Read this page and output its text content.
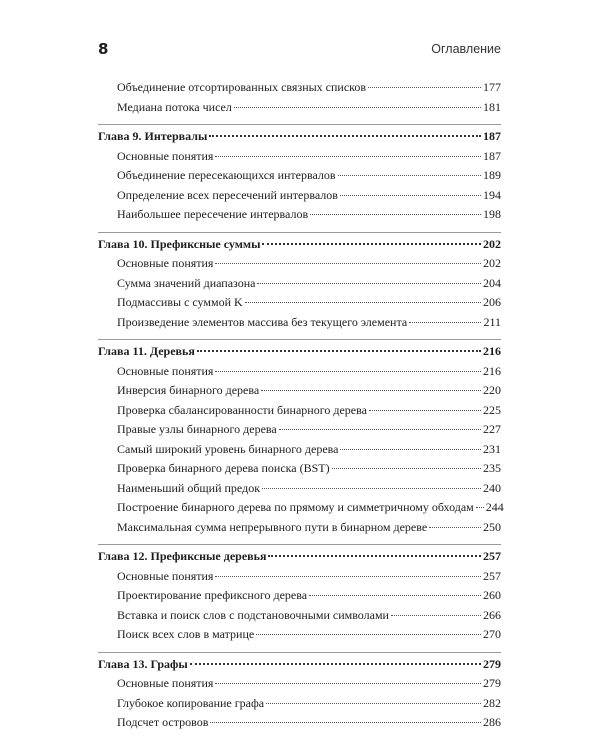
8	Оглавление
Объединение отсортированных связных списков	177
Медиана потока чисел	181
Глава 9. Интервалы	187
Основные понятия	187
Объединение пересекающихся интервалов	189
Определение всех пересечений интервалов	194
Наибольшее пересечение интервалов	198
Глава 10. Префиксные суммы	202
Основные понятия	202
Сумма значений диапазона	204
Подмассивы с суммой K	206
Произведение элементов массива без текущего элемента	211
Глава 11. Деревья	216
Основные понятия	216
Инверсия бинарного дерева	220
Проверка сбалансированности бинарного дерева	225
Правые узлы бинарного дерева	227
Самый широкий уровень бинарного дерева	231
Проверка бинарного дерева поиска (BST)	235
Наименьший общий предок	240
Построение бинарного дерева по прямому и симметричному обходам 244
Максимальная сумма непрерывного пути в бинарном дереве	250
Глава 12. Префиксные деревья	257
Основные понятия	257
Проектирование префиксного дерева	260
Вставка и поиск слов с подстановочными символами	266
Поиск всех слов в матрице	270
Глава 13. Графы	279
Основные понятия	279
Глубокое копирование графа	282
Подсчет островов	286
